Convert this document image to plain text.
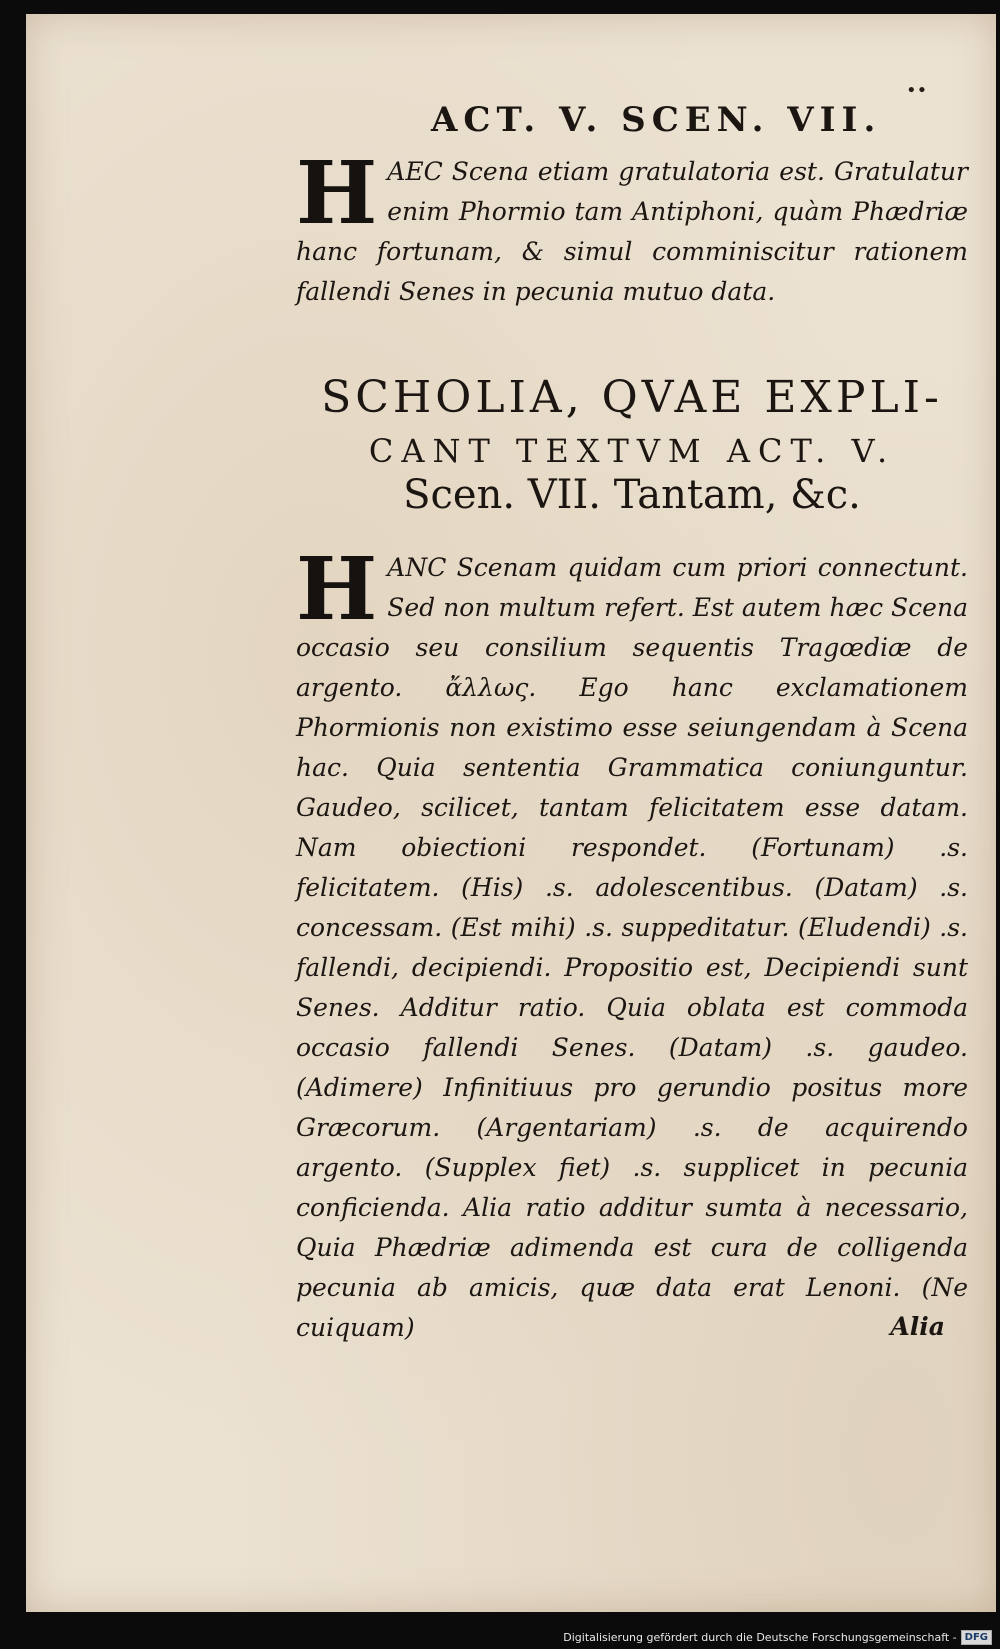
••
ACT. V. SCEN. VII.
HAEC Scena etiam gratulatoria est. Gratulatur enim Phormio tam Antiphoni, quàm Phædriæ hanc fortunam, & simul comminiscitur rationem fallendi Senes in pecunia mutuo data.
SCHOLIA, QVAE EXPLI-
CANT TEXTVM ACT. V.
Scen. VII. Tantam, &c.
HANC Scenam quidam cum priori connectunt. Sed non multum refert. Est autem hæc Scena occasio seu consilium sequentis Tragœdiæ de argento. ἄλλως. Ego hanc exclamationem Phormionis non existimo esse seiungendam à Scena hac. Quia sententia Grammatica coniunguntur. Gaudeo, scilicet, tantam felicitatem esse datam. Nam obiectioni respondet. (Fortunam) .s. felicitatem. (His) .s. adolescentibus. (Datam) .s. concessam. (Est mihi) .s. suppeditatur. (Eludendi) .s. fallendi, decipiendi. Propositio est, Decipiendi sunt Senes. Additur ratio. Quia oblata est commoda occasio fallendi Senes. (Datam) .s. gaudeo. (Adimere) Infinitiuus pro gerundio positus more Græcorum. (Argentariam) .s. de acquirendo argento. (Supplex fiet) .s. supplicet in pecunia conficienda. Alia ratio additur sumta à necessario, Quia Phædriæ adimenda est cura de colligenda pecunia ab amicis, quæ data erat Lenoni. (Ne cuiquam)	Alia
Digitalisierung gefördert durch die Deutsche Forschungsgemeinschaft - DFG
